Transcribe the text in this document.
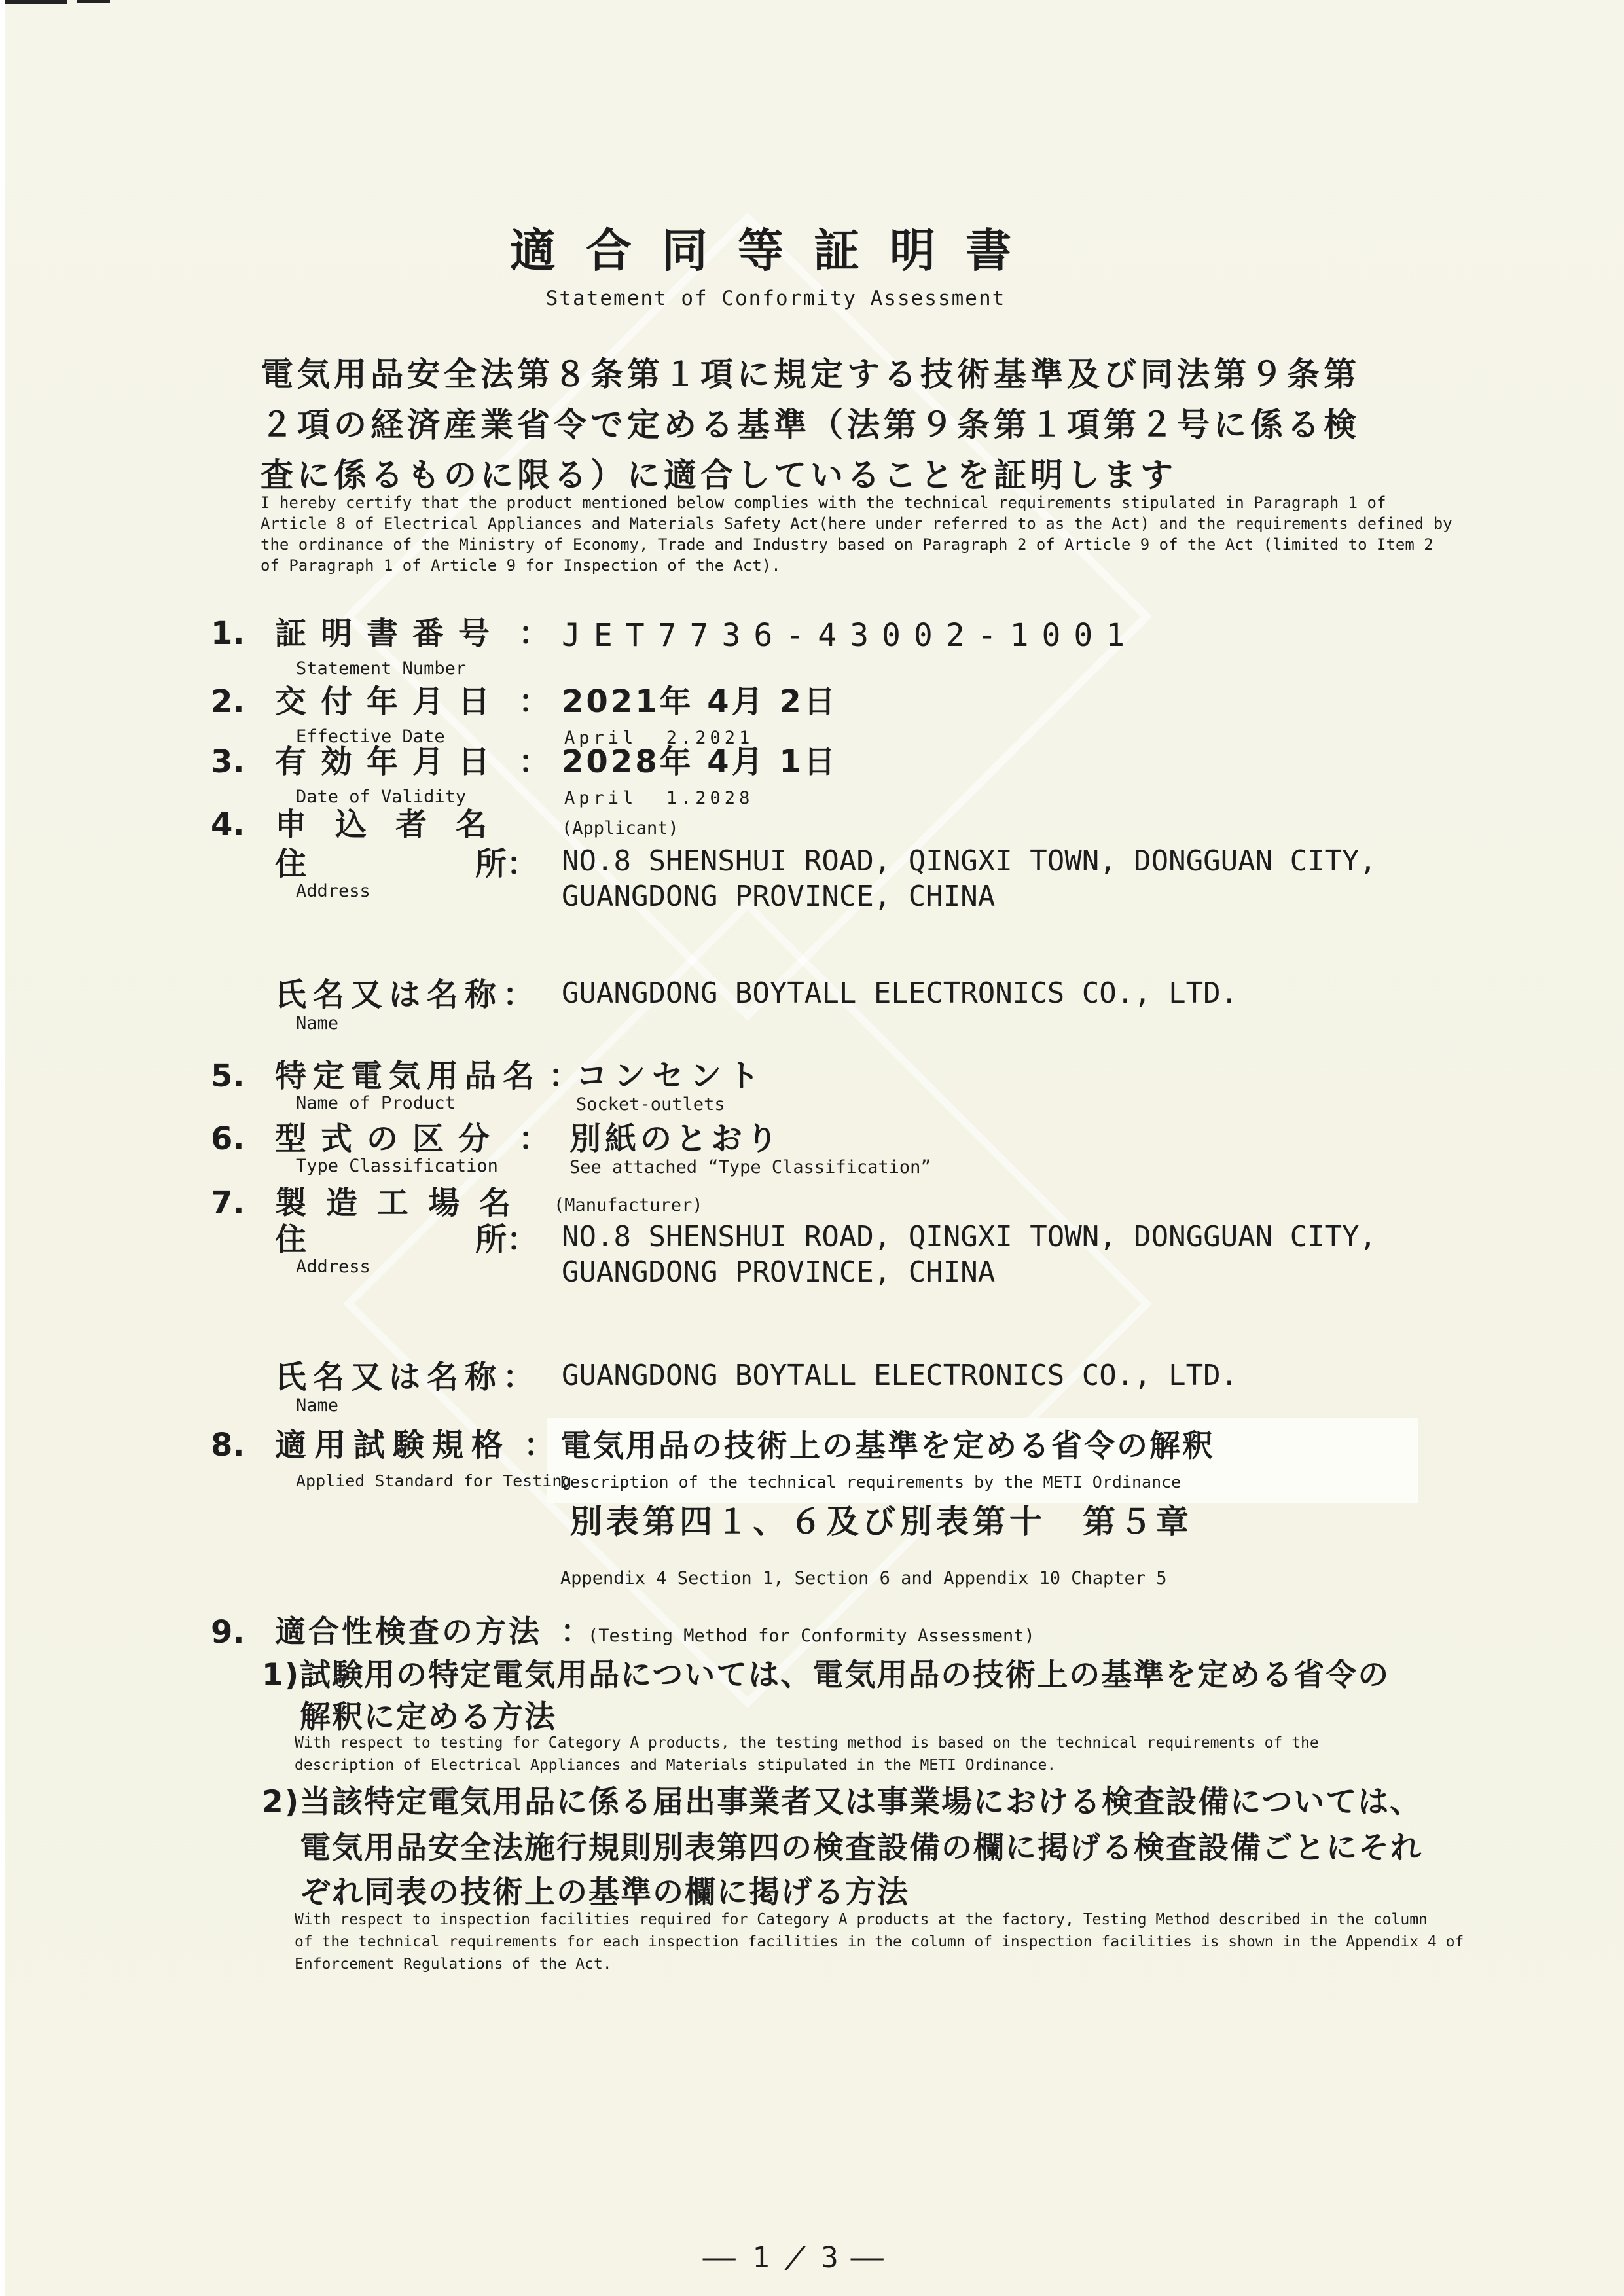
適合同等証明書
Statement of Conformity Assessment
電気用品安全法第８条第１項に規定する技術基準及び同法第９条第
２項の経済産業省令で定める基準（法第９条第１項第２号に係る検
査に係るものに限る）に適合していることを証明します
I hereby certify that the product mentioned below complies with the technical requirements stipulated in Paragraph 1 of
Article 8 of Electrical Appliances and Materials Safety Act(here under referred to as the Act) and the requirements defined by
the ordinance of the Ministry of Economy, Trade and Industry based on Paragraph 2 of Article 9 of the Act (limited to Item 2
of Paragraph 1 of Article 9 for Inspection of the Act).
1. 証明書番号 ： JET7736-43002-1001
Statement Number
2. 交付年月日 ： 2021年 4月 2日
Effective Date	April  2.2021
3. 有効年月日 ： 2028年 4月 1日
Date of Validity	April  1.2028
4. 申込者名	(Applicant)
住	所： NO.8 SHENSHUI ROAD, QINGXI TOWN, DONGGUAN CITY,
Address	GUANGDONG PROVINCE, CHINA
氏名又は名称： GUANGDONG BOYTALL ELECTRONICS CO., LTD.
Name
5. 特定電気用品名 ：
コンセント
Name of Product	Socket-outlets
6. 型式の区分 ： 別紙のとおり
Type Classification	See attached “Type Classification”
7. 製造工場名 (Manufacturer)
住	所： NO.8 SHENSHUI ROAD, QINGXI TOWN, DONGGUAN CITY,
Address	GUANGDONG PROVINCE, CHINA
氏名又は名称： GUANGDONG BOYTALL ELECTRONICS CO., LTD.
Name
8. 適用試験規格 ： 電気用品の技術上の基準を定める省令の解釈
Applied Standard for Testing
Description of the technical requirements by the METI Ordinance
別表第四１、６及び別表第十　第５章
Appendix 4 Section 1, Section 6 and Appendix 10 Chapter 5
9. 適合性検査の方法 ：
(Testing Method for Conformity Assessment)
1)試験用の特定電気用品については、電気用品の技術上の基準を定める省令の
解釈に定める方法
With respect to testing for Category A products, the testing method is based on the technical requirements of the
description of Electrical Appliances and Materials stipulated in the METI Ordinance.
2)当該特定電気用品に係る届出事業者又は事業場における検査設備については、
電気用品安全法施行規則別表第四の検査設備の欄に掲げる検査設備ごとにそれ
ぞれ同表の技術上の基準の欄に掲げる方法
With respect to inspection facilities required for Category A products at the factory, Testing Method described in the column
of the technical requirements for each inspection facilities in the column of inspection facilities is shown in the Appendix 4 of
Enforcement Regulations of the Act.

— 1 / 3 —
